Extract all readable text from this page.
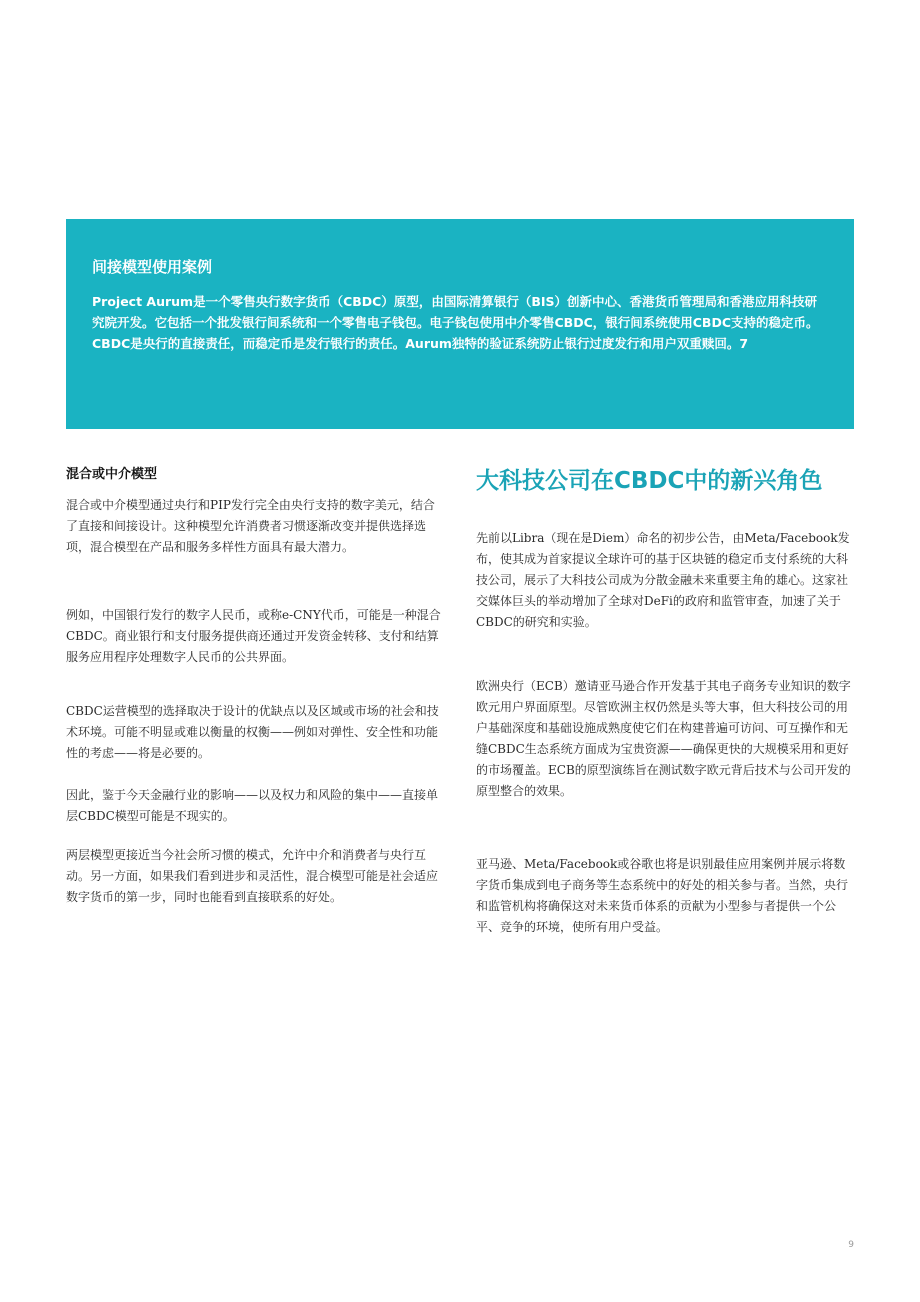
间接模型使用案例

Project Aurum是一个零售央行数字货币（CBDC）原型，由国际清算银行（BIS）创新中心、香港货币管理局和香港应用科技研究院开发。它包括一个批发银行间系统和一个零售电子钱包。电子钱包使用中介零售CBDC，银行间系统使用CBDC支持的稳定币。CBDC是央行的直接责任，而稳定币是发行银行的责任。Aurum独特的验证系统防止银行过度发行和用户双重赎回。7

混合或中介模型

混合或中介模型通过央行和PIP发行完全由央行支持的数字美元，结合了直接和间接设计。这种模型允许消费者习惯逐渐改变并提供选择选项，混合模型在产品和服务多样性方面具有最大潜力。

例如，中国银行发行的数字人民币，或称e-CNY代币，可能是一种混合CBDC。商业银行和支付服务提供商还通过开发资金转移、支付和结算服务应用程序处理数字人民币的公共界面。

CBDC运营模型的选择取决于设计的优缺点以及区域或市场的社会和技术环境。可能不明显或难以衡量的权衡——例如对弹性、安全性和功能性的考虑——将是必要的。

因此，鉴于今天金融行业的影响——以及权力和风险的集中——直接单层CBDC模型可能是不现实的。

两层模型更接近当今社会所习惯的模式，允许中介和消费者与央行互动。另一方面，如果我们看到进步和灵活性，混合模型可能是社会适应数字货币的第一步，同时也能看到直接联系的好处。

大科技公司在CBDC中的新兴角色

先前以Libra（现在是Diem）命名的初步公告，由Meta/Facebook发布，使其成为首家提议全球许可的基于区块链的稳定币支付系统的大科技公司，展示了大科技公司成为分散金融未来重要主角的雄心。这家社交媒体巨头的举动增加了全球对DeFi的政府和监管审查，加速了关于CBDC的研究和实验。

欧洲央行（ECB）邀请亚马逊合作开发基于其电子商务专业知识的数字欧元用户界面原型。尽管欧洲主权仍然是头等大事，但大科技公司的用户基础深度和基础设施成熟度使它们在构建普遍可访问、可互操作和无缝CBDC生态系统方面成为宝贵资源——确保更快的大规模采用和更好的市场覆盖。ECB的原型演练旨在测试数字欧元背后技术与公司开发的原型整合的效果。

亚马逊、Meta/Facebook或谷歌也将是识别最佳应用案例并展示将数字货币集成到电子商务等生态系统中的好处的相关参与者。当然，央行和监管机构将确保这对未来货币体系的贡献为小型参与者提供一个公平、竞争的环境，使所有用户受益。

9
